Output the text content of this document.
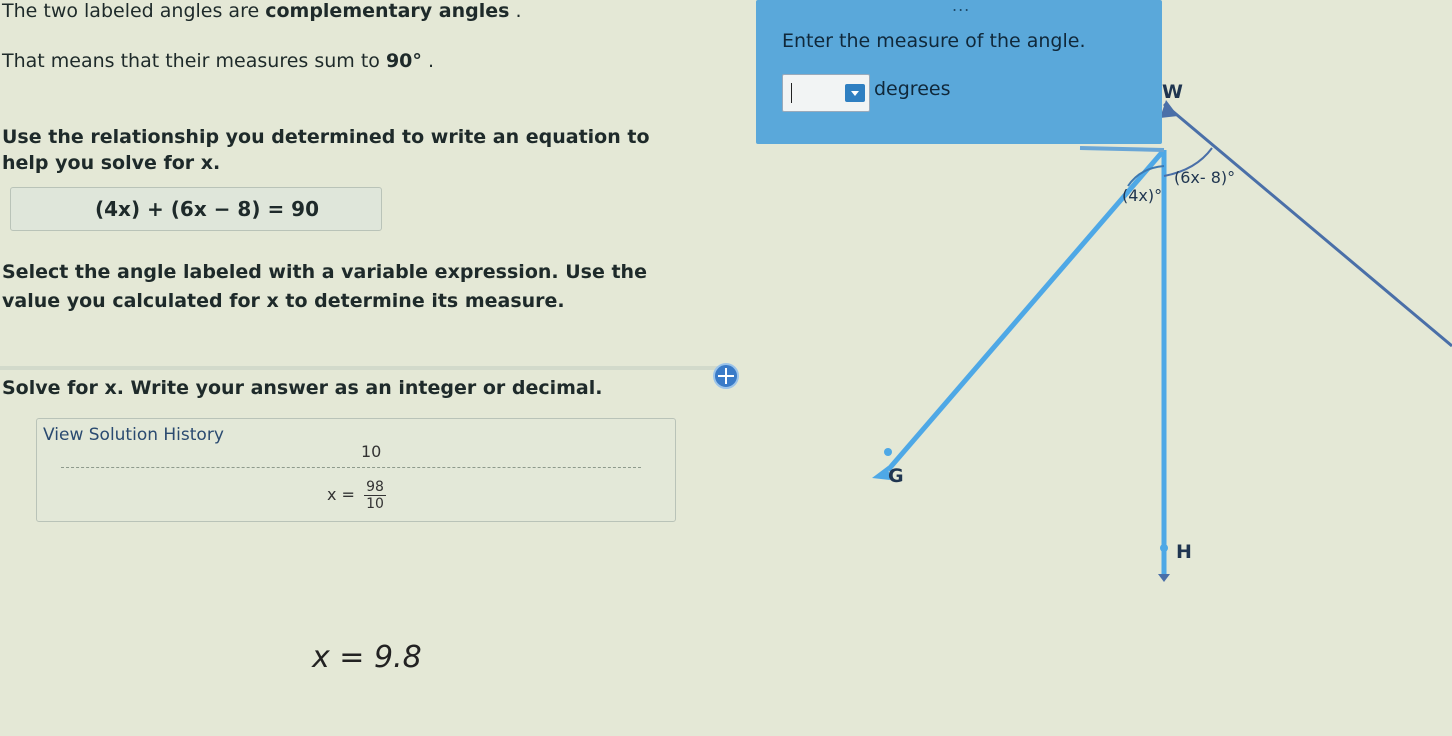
The two labeled angles are complementary angles .
That means that their measures sum to 90° .
Use the relationship you determined to write an equation to help you solve for x.
(4x) + (6x − 8) = 90
Select the angle labeled with a variable expression. Use the value you calculated for x to determine its measure.
Solve for x. Write your answer as an integer or decimal.
View Solution History
10
$x = \frac{98}{10}$
x = 9.8
W
G
H
(4x)°
(6x- 8)°
...
Enter the measure of the angle.
degrees
